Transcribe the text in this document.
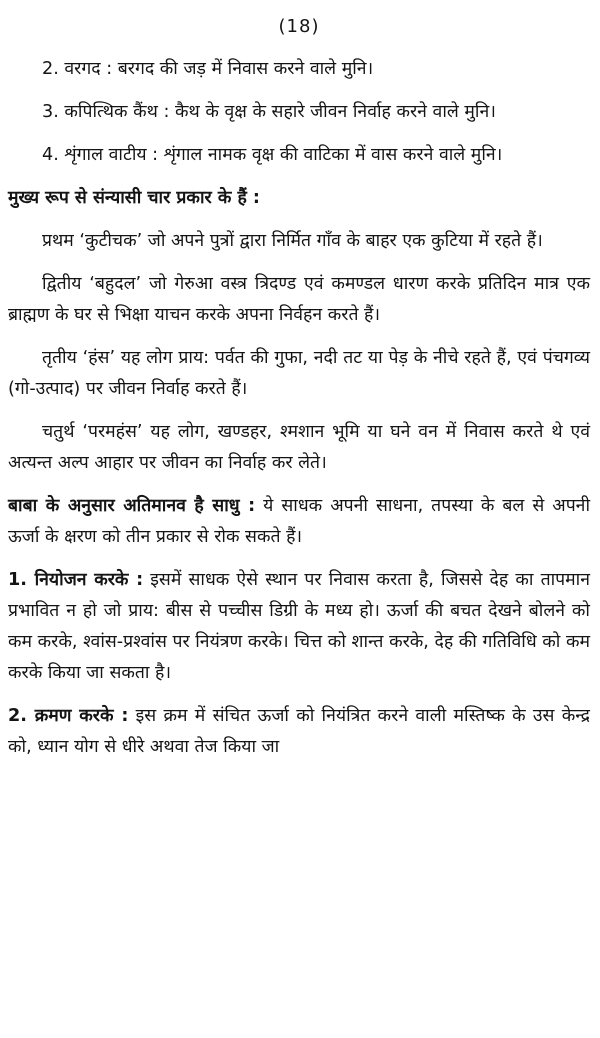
(18)

2. वरगद : बरगद की जड़ में निवास करने वाले मुनि।

3. कपित्थिक कैंथ : कैथ के वृक्ष के सहारे जीवन निर्वाह करने वाले मुनि।

4. शृंगाल वाटीय : शृंगाल नामक वृक्ष की वाटिका में वास करने वाले मुनि।

मुख्य रूप से संन्यासी चार प्रकार के हैं :

प्रथम ‘कुटीचक’ जो अपने पुत्रों द्वारा निर्मित गाँव के बाहर एक कुटिया में रहते हैं।

द्वितीय ‘बहुदल’ जो गेरुआ वस्त्र त्रिदण्ड एवं कमण्डल धारण करके प्रतिदिन मात्र एक ब्राह्मण के घर से भिक्षा याचन करके अपना निर्वहन करते हैं।

तृतीय ‘हंस’ यह लोग प्राय: पर्वत की गुफा, नदी तट या पेड़ के नीचे रहते हैं, एवं पंचगव्य (गो-उत्पाद) पर जीवन निर्वाह करते हैं।

चतुर्थ ‘परमहंस’ यह लोग, खण्डहर, श्मशान भूमि या घने वन में निवास करते थे एवं अत्यन्त अल्प आहार पर जीवन का निर्वाह कर लेते।

बाबा के अनुसार अतिमानव है साधु : ये साधक अपनी साधना, तपस्या के बल से अपनी ऊर्जा के क्षरण को तीन प्रकार से रोक सकते हैं।

1. नियोजन करके : इसमें साधक ऐसे स्थान पर निवास करता है, जिससे देह का तापमान प्रभावित न हो जो प्राय: बीस से पच्चीस डिग्री के मध्य हो। ऊर्जा की बचत देखने बोलने को कम करके, श्वांस-प्रश्वांस पर नियंत्रण करके। चित्त को शान्त करके, देह की गतिविधि को कम करके किया जा सकता है।

2. क्रमण करके : इस क्रम में संचित ऊर्जा को नियंत्रित करने वाली मस्तिष्क के उस केन्द्र को, ध्यान योग से धीरे अथवा तेज किया जा
